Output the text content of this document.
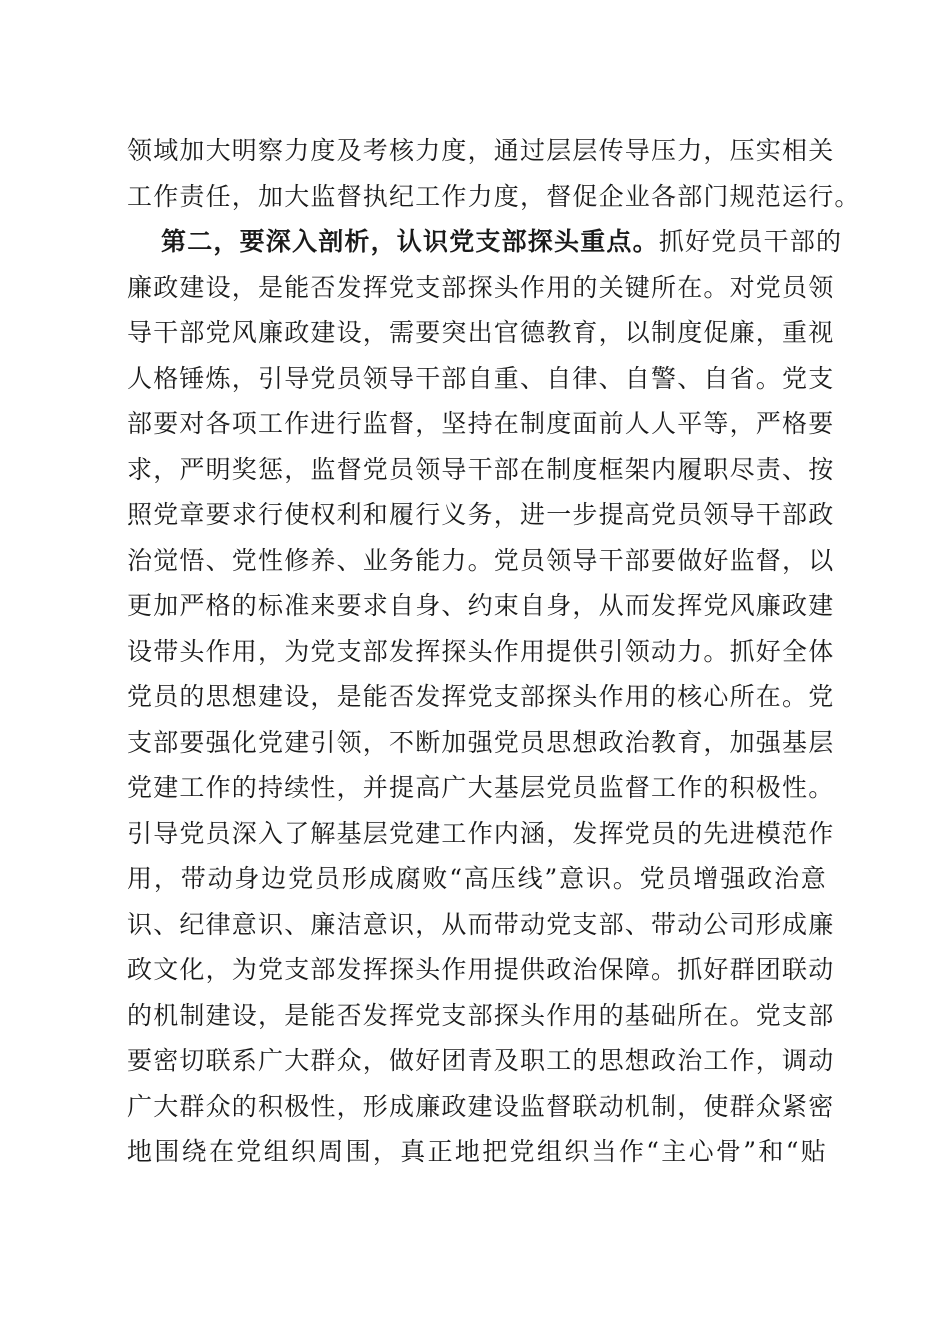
领域加大明察力度及考核力度，通过层层传导压力，压实相关
工作责任，加大监督执纪工作力度，督促企业各部门规范运行。
第二，要深入剖析，认识党支部探头重点。抓好党员干部的
廉政建设，是能否发挥党支部探头作用的关键所在。对党员领
导干部党风廉政建设，需要突出官德教育，以制度促廉，重视
人格锤炼，引导党员领导干部自重、自律、自警、自省。党支
部要对各项工作进行监督，坚持在制度面前人人平等，严格要
求，严明奖惩，监督党员领导干部在制度框架内履职尽责、按
照党章要求行使权利和履行义务，进一步提高党员领导干部政
治觉悟、党性修养、业务能力。党员领导干部要做好监督，以
更加严格的标准来要求自身、约束自身，从而发挥党风廉政建
设带头作用，为党支部发挥探头作用提供引领动力。抓好全体
党员的思想建设，是能否发挥党支部探头作用的核心所在。党
支部要强化党建引领，不断加强党员思想政治教育，加强基层
党建工作的持续性，并提高广大基层党员监督工作的积极性。
引导党员深入了解基层党建工作内涵，发挥党员的先进模范作
用，带动身边党员形成腐败“高压线”意识。党员增强政治意
识、纪律意识、廉洁意识，从而带动党支部、带动公司形成廉
政文化，为党支部发挥探头作用提供政治保障。抓好群团联动
的机制建设，是能否发挥党支部探头作用的基础所在。党支部
要密切联系广大群众，做好团青及职工的思想政治工作，调动
广大群众的积极性，形成廉政建设监督联动机制，使群众紧密
地围绕在党组织周围，真正地把党组织当作“主心骨”和“贴
